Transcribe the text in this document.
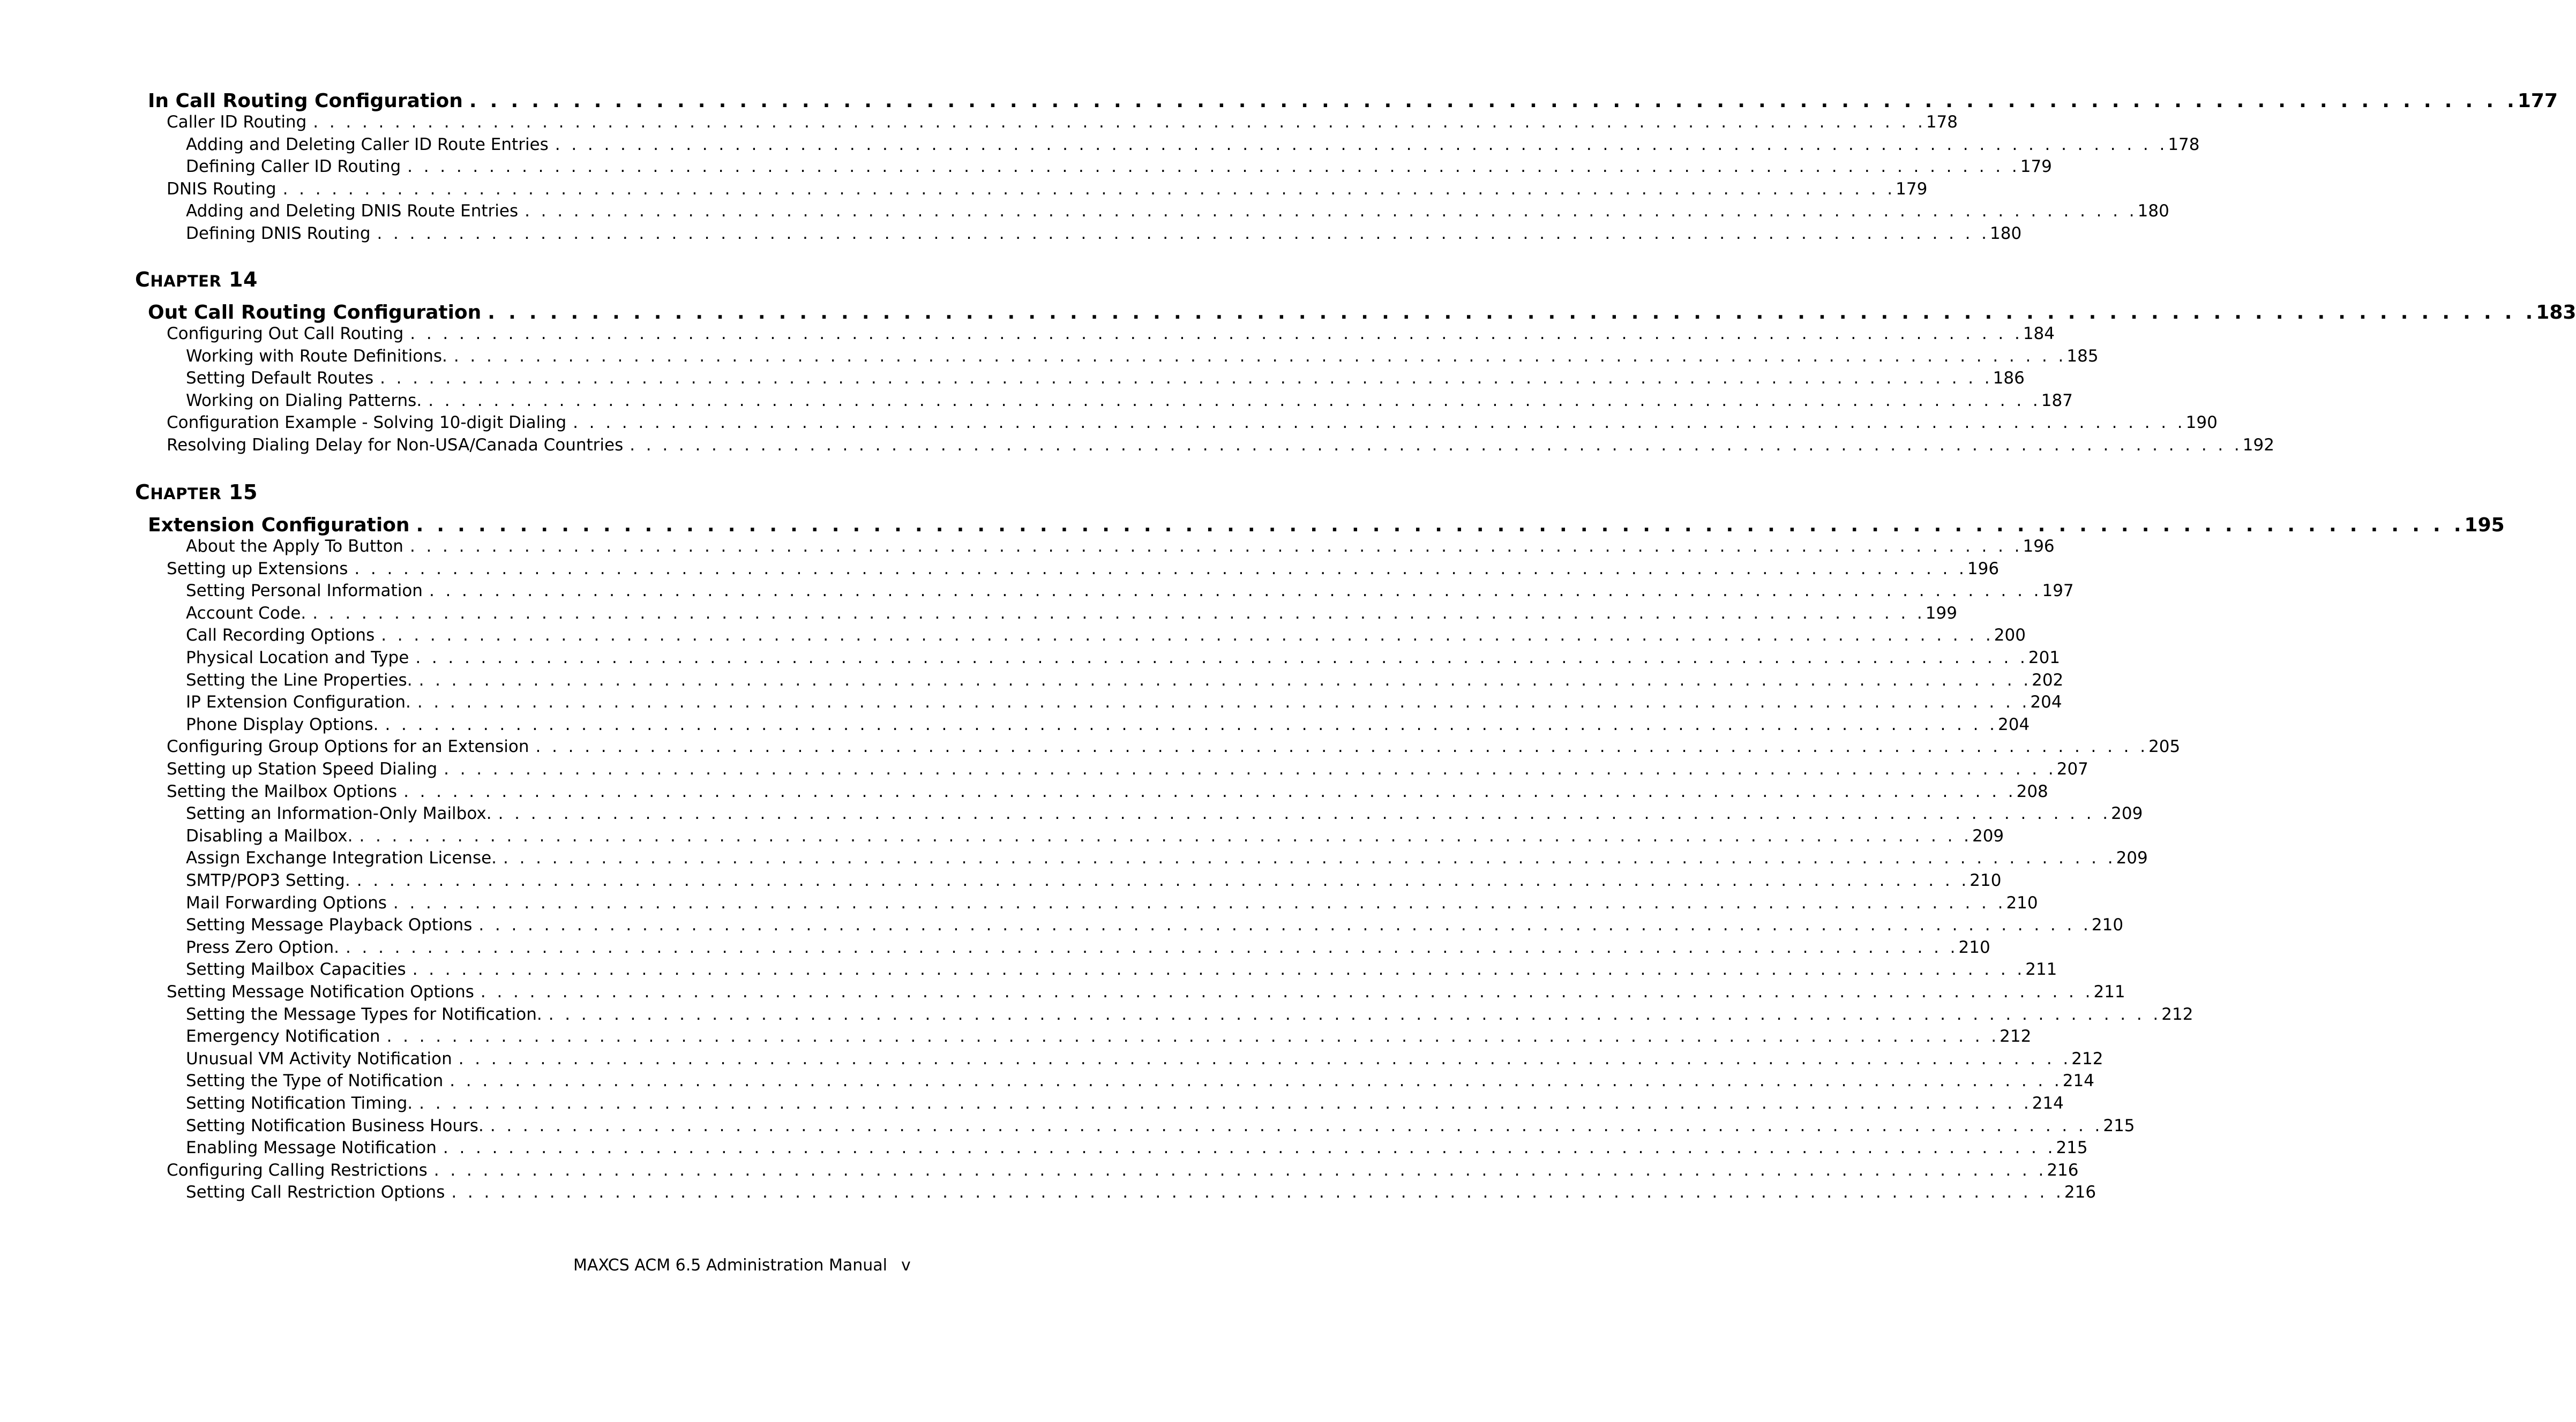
In Call Routing Configuration . . . . . . . . . . . . . . . . . . . . . . . . . . . . . . . . . . . . . . . . . . . . . . . . . . . . . . . . . . . . . . . . . . . . . . . . . . . . . . . . . . . . . . . . . . . . . . . . . . . 177
Caller ID Routing . . . . . . . . . . . . . . . . . . . . . . . . . . . . . . . . . . . . . . . . . . . . . . . . . . . . . . . . . . . . . . . . . . . . . . . . . . . . . . . . . . . . . . . . . . . . . . . . . . . 178
Adding and Deleting Caller ID Route Entries . . . . . . . . . . . . . . . . . . . . . . . . . . . . . . . . . . . . . . . . . . . . . . . . . . . . . . . . . . . . . . . . . . . . . . . . . . . . . . . . . . . . . . . . . . . . . . . . . . . 178
Defining Caller ID Routing . . . . . . . . . . . . . . . . . . . . . . . . . . . . . . . . . . . . . . . . . . . . . . . . . . . . . . . . . . . . . . . . . . . . . . . . . . . . . . . . . . . . . . . . . . . . . . . . . . . 179
DNIS Routing . . . . . . . . . . . . . . . . . . . . . . . . . . . . . . . . . . . . . . . . . . . . . . . . . . . . . . . . . . . . . . . . . . . . . . . . . . . . . . . . . . . . . . . . . . . . . . . . . . . 179
Adding and Deleting DNIS Route Entries . . . . . . . . . . . . . . . . . . . . . . . . . . . . . . . . . . . . . . . . . . . . . . . . . . . . . . . . . . . . . . . . . . . . . . . . . . . . . . . . . . . . . . . . . . . . . . . . . . . 180
Defining DNIS Routing . . . . . . . . . . . . . . . . . . . . . . . . . . . . . . . . . . . . . . . . . . . . . . . . . . . . . . . . . . . . . . . . . . . . . . . . . . . . . . . . . . . . . . . . . . . . . . . . . . . 180
CHAPTER 14
Out Call Routing Configuration . . . . . . . . . . . . . . . . . . . . . . . . . . . . . . . . . . . . . . . . . . . . . . . . . . . . . . . . . . . . . . . . . . . . . . . . . . . . . . . . . . . . . . . . . . . . . . . . . . . 183
Configuring Out Call Routing . . . . . . . . . . . . . . . . . . . . . . . . . . . . . . . . . . . . . . . . . . . . . . . . . . . . . . . . . . . . . . . . . . . . . . . . . . . . . . . . . . . . . . . . . . . . . . . . . . . 184
Working with Route Definitions. . . . . . . . . . . . . . . . . . . . . . . . . . . . . . . . . . . . . . . . . . . . . . . . . . . . . . . . . . . . . . . . . . . . . . . . . . . . . . . . . . . . . . . . . . . . . . . . . . . . 185
Setting Default Routes . . . . . . . . . . . . . . . . . . . . . . . . . . . . . . . . . . . . . . . . . . . . . . . . . . . . . . . . . . . . . . . . . . . . . . . . . . . . . . . . . . . . . . . . . . . . . . . . . . . 186
Working on Dialing Patterns. . . . . . . . . . . . . . . . . . . . . . . . . . . . . . . . . . . . . . . . . . . . . . . . . . . . . . . . . . . . . . . . . . . . . . . . . . . . . . . . . . . . . . . . . . . . . . . . . . . . 187
Configuration Example - Solving 10-digit Dialing . . . . . . . . . . . . . . . . . . . . . . . . . . . . . . . . . . . . . . . . . . . . . . . . . . . . . . . . . . . . . . . . . . . . . . . . . . . . . . . . . . . . . . . . . . . . . . . . . . . 190
Resolving Dialing Delay for Non-USA/Canada Countries . . . . . . . . . . . . . . . . . . . . . . . . . . . . . . . . . . . . . . . . . . . . . . . . . . . . . . . . . . . . . . . . . . . . . . . . . . . . . . . . . . . . . . . . . . . . . . . . . . . 192
CHAPTER 15
Extension Configuration . . . . . . . . . . . . . . . . . . . . . . . . . . . . . . . . . . . . . . . . . . . . . . . . . . . . . . . . . . . . . . . . . . . . . . . . . . . . . . . . . . . . . . . . . . . . . . . . . . . 195
About the Apply To Button . . . . . . . . . . . . . . . . . . . . . . . . . . . . . . . . . . . . . . . . . . . . . . . . . . . . . . . . . . . . . . . . . . . . . . . . . . . . . . . . . . . . . . . . . . . . . . . . . . . 196
Setting up Extensions . . . . . . . . . . . . . . . . . . . . . . . . . . . . . . . . . . . . . . . . . . . . . . . . . . . . . . . . . . . . . . . . . . . . . . . . . . . . . . . . . . . . . . . . . . . . . . . . . . . 196
Setting Personal Information . . . . . . . . . . . . . . . . . . . . . . . . . . . . . . . . . . . . . . . . . . . . . . . . . . . . . . . . . . . . . . . . . . . . . . . . . . . . . . . . . . . . . . . . . . . . . . . . . . . 197
Account Code. . . . . . . . . . . . . . . . . . . . . . . . . . . . . . . . . . . . . . . . . . . . . . . . . . . . . . . . . . . . . . . . . . . . . . . . . . . . . . . . . . . . . . . . . . . . . . . . . . . . 199
Call Recording Options . . . . . . . . . . . . . . . . . . . . . . . . . . . . . . . . . . . . . . . . . . . . . . . . . . . . . . . . . . . . . . . . . . . . . . . . . . . . . . . . . . . . . . . . . . . . . . . . . . . 200
Physical Location and Type . . . . . . . . . . . . . . . . . . . . . . . . . . . . . . . . . . . . . . . . . . . . . . . . . . . . . . . . . . . . . . . . . . . . . . . . . . . . . . . . . . . . . . . . . . . . . . . . . . . 201
Setting the Line Properties. . . . . . . . . . . . . . . . . . . . . . . . . . . . . . . . . . . . . . . . . . . . . . . . . . . . . . . . . . . . . . . . . . . . . . . . . . . . . . . . . . . . . . . . . . . . . . . . . . . . 202
IP Extension Configuration. . . . . . . . . . . . . . . . . . . . . . . . . . . . . . . . . . . . . . . . . . . . . . . . . . . . . . . . . . . . . . . . . . . . . . . . . . . . . . . . . . . . . . . . . . . . . . . . . . . . 204
Phone Display Options. . . . . . . . . . . . . . . . . . . . . . . . . . . . . . . . . . . . . . . . . . . . . . . . . . . . . . . . . . . . . . . . . . . . . . . . . . . . . . . . . . . . . . . . . . . . . . . . . . . . 204
Configuring Group Options for an Extension . . . . . . . . . . . . . . . . . . . . . . . . . . . . . . . . . . . . . . . . . . . . . . . . . . . . . . . . . . . . . . . . . . . . . . . . . . . . . . . . . . . . . . . . . . . . . . . . . . . 205
Setting up Station Speed Dialing . . . . . . . . . . . . . . . . . . . . . . . . . . . . . . . . . . . . . . . . . . . . . . . . . . . . . . . . . . . . . . . . . . . . . . . . . . . . . . . . . . . . . . . . . . . . . . . . . . . 207
Setting the Mailbox Options . . . . . . . . . . . . . . . . . . . . . . . . . . . . . . . . . . . . . . . . . . . . . . . . . . . . . . . . . . . . . . . . . . . . . . . . . . . . . . . . . . . . . . . . . . . . . . . . . . . 208
Setting an Information-Only Mailbox. . . . . . . . . . . . . . . . . . . . . . . . . . . . . . . . . . . . . . . . . . . . . . . . . . . . . . . . . . . . . . . . . . . . . . . . . . . . . . . . . . . . . . . . . . . . . . . . . . . . 209
Disabling a Mailbox. . . . . . . . . . . . . . . . . . . . . . . . . . . . . . . . . . . . . . . . . . . . . . . . . . . . . . . . . . . . . . . . . . . . . . . . . . . . . . . . . . . . . . . . . . . . . . . . . . . . 209
Assign Exchange Integration License. . . . . . . . . . . . . . . . . . . . . . . . . . . . . . . . . . . . . . . . . . . . . . . . . . . . . . . . . . . . . . . . . . . . . . . . . . . . . . . . . . . . . . . . . . . . . . . . . . . . 209
SMTP/POP3 Setting. . . . . . . . . . . . . . . . . . . . . . . . . . . . . . . . . . . . . . . . . . . . . . . . . . . . . . . . . . . . . . . . . . . . . . . . . . . . . . . . . . . . . . . . . . . . . . . . . . . . 210
Mail Forwarding Options . . . . . . . . . . . . . . . . . . . . . . . . . . . . . . . . . . . . . . . . . . . . . . . . . . . . . . . . . . . . . . . . . . . . . . . . . . . . . . . . . . . . . . . . . . . . . . . . . . . 210
Setting Message Playback Options . . . . . . . . . . . . . . . . . . . . . . . . . . . . . . . . . . . . . . . . . . . . . . . . . . . . . . . . . . . . . . . . . . . . . . . . . . . . . . . . . . . . . . . . . . . . . . . . . . . 210
Press Zero Option. . . . . . . . . . . . . . . . . . . . . . . . . . . . . . . . . . . . . . . . . . . . . . . . . . . . . . . . . . . . . . . . . . . . . . . . . . . . . . . . . . . . . . . . . . . . . . . . . . . . 210
Setting Mailbox Capacities . . . . . . . . . . . . . . . . . . . . . . . . . . . . . . . . . . . . . . . . . . . . . . . . . . . . . . . . . . . . . . . . . . . . . . . . . . . . . . . . . . . . . . . . . . . . . . . . . . . 211
Setting Message Notification Options . . . . . . . . . . . . . . . . . . . . . . . . . . . . . . . . . . . . . . . . . . . . . . . . . . . . . . . . . . . . . . . . . . . . . . . . . . . . . . . . . . . . . . . . . . . . . . . . . . . 211
Setting the Message Types for Notification. . . . . . . . . . . . . . . . . . . . . . . . . . . . . . . . . . . . . . . . . . . . . . . . . . . . . . . . . . . . . . . . . . . . . . . . . . . . . . . . . . . . . . . . . . . . . . . . . . . . 212
Emergency Notification . . . . . . . . . . . . . . . . . . . . . . . . . . . . . . . . . . . . . . . . . . . . . . . . . . . . . . . . . . . . . . . . . . . . . . . . . . . . . . . . . . . . . . . . . . . . . . . . . . . 212
Unusual VM Activity Notification . . . . . . . . . . . . . . . . . . . . . . . . . . . . . . . . . . . . . . . . . . . . . . . . . . . . . . . . . . . . . . . . . . . . . . . . . . . . . . . . . . . . . . . . . . . . . . . . . . . 212
Setting the Type of Notification . . . . . . . . . . . . . . . . . . . . . . . . . . . . . . . . . . . . . . . . . . . . . . . . . . . . . . . . . . . . . . . . . . . . . . . . . . . . . . . . . . . . . . . . . . . . . . . . . . . 214
Setting Notification Timing. . . . . . . . . . . . . . . . . . . . . . . . . . . . . . . . . . . . . . . . . . . . . . . . . . . . . . . . . . . . . . . . . . . . . . . . . . . . . . . . . . . . . . . . . . . . . . . . . . . . 214
Setting Notification Business Hours. . . . . . . . . . . . . . . . . . . . . . . . . . . . . . . . . . . . . . . . . . . . . . . . . . . . . . . . . . . . . . . . . . . . . . . . . . . . . . . . . . . . . . . . . . . . . . . . . . . . 215
Enabling Message Notification . . . . . . . . . . . . . . . . . . . . . . . . . . . . . . . . . . . . . . . . . . . . . . . . . . . . . . . . . . . . . . . . . . . . . . . . . . . . . . . . . . . . . . . . . . . . . . . . . . . 215
Configuring Calling Restrictions . . . . . . . . . . . . . . . . . . . . . . . . . . . . . . . . . . . . . . . . . . . . . . . . . . . . . . . . . . . . . . . . . . . . . . . . . . . . . . . . . . . . . . . . . . . . . . . . . . . 216
Setting Call Restriction Options . . . . . . . . . . . . . . . . . . . . . . . . . . . . . . . . . . . . . . . . . . . . . . . . . . . . . . . . . . . . . . . . . . . . . . . . . . . . . . . . . . . . . . . . . . . . . . . . . . . 216
MAXCS ACM 6.5 Administration Manual v
